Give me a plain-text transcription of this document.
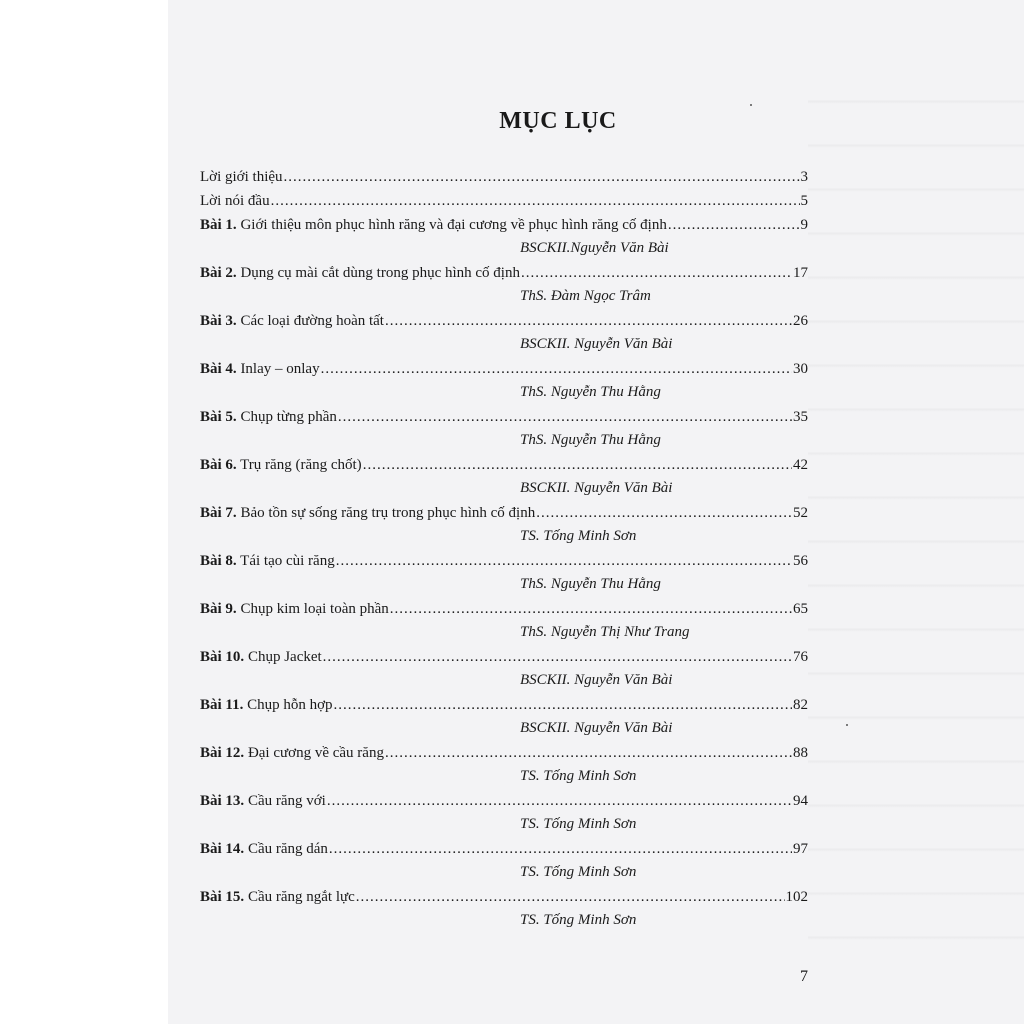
MỤC LỤC
Lời giới thiệu .....	3
Lời nói đầu .....	5
Bài 1. Giới thiệu môn phục hình răng và đại cương về phục hình răng cố định .....	9
BSCKII.Nguyễn Văn Bài
Bài 2. Dụng cụ mài cắt dùng trong phục hình cố định .....	17
ThS. Đàm Ngọc Trâm
Bài 3. Các loại đường hoàn tất .....	26
BSCKII. Nguyễn Văn Bài
Bài 4. Inlay – onlay .....	30
ThS. Nguyễn Thu Hằng
Bài 5. Chụp từng phần .....	35
ThS. Nguyễn Thu Hằng
Bài 6. Trụ răng (răng chốt) .....	42
BSCKII. Nguyễn Văn Bài
Bài 7. Bảo tồn sự sống răng trụ trong phục hình cố định .....	52
TS. Tống Minh Sơn
Bài 8. Tái tạo cùi răng .....	56
ThS. Nguyễn Thu Hằng
Bài 9. Chụp kim loại toàn phần .....	65
ThS. Nguyễn Thị Như Trang
Bài 10. Chụp Jacket .....	76
BSCKII. Nguyễn Văn Bài
Bài 11. Chụp hỗn hợp .....	82
BSCKII. Nguyễn Văn Bài
Bài 12. Đại cương về cầu răng .....	88
TS. Tống Minh Sơn
Bài 13. Cầu răng với .....	94
TS. Tống Minh Sơn
Bài 14. Cầu răng dán .....	97
TS. Tống Minh Sơn
Bài 15. Cầu răng ngắt lực .....	102
TS. Tống Minh Sơn
7
